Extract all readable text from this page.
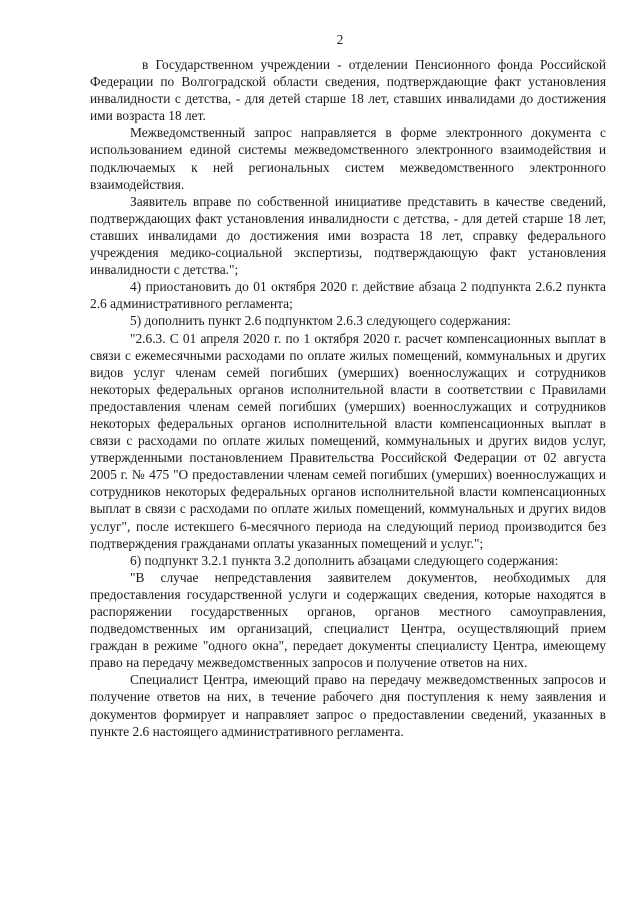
2

в Государственном учреждении - отделении Пенсионного фонда Российской Федерации по Волгоградской области сведения, подтверждающие факт установления инвалидности с детства, - для детей старше 18 лет, ставших инвалидами до достижения ими возраста 18 лет.

Межведомственный запрос направляется в форме электронного документа с использованием единой системы межведомственного электронного взаимодействия и подключаемых к ней региональных систем межведомственного электронного взаимодействия.

Заявитель вправе по собственной инициативе представить в качестве сведений, подтверждающих факт установления инвалидности с детства, - для детей старше 18 лет, ставших инвалидами до достижения ими возраста 18 лет, справку федерального учреждения медико-социальной экспертизы, подтверждающую факт установления инвалидности с детства.";

4) приостановить до 01 октября 2020 г. действие абзаца 2 подпункта 2.6.2 пункта 2.6 административного регламента;

5) дополнить пункт 2.6 подпунктом 2.6.3 следующего содержания:

"2.6.3. С 01 апреля 2020 г. по 1 октября 2020 г. расчет компенсационных выплат в связи с ежемесячными расходами по оплате жилых помещений, коммунальных и других видов услуг членам семей погибших (умерших) военнослужащих и сотрудников некоторых федеральных органов исполнительной власти в соответствии с Правилами предоставления членам семей погибших (умерших) военнослужащих и сотрудников некоторых федеральных органов исполнительной власти компенсационных выплат в связи с расходами по оплате жилых помещений, коммунальных и других видов услуг, утвержденными постановлением Правительства Российской Федерации от 02 августа 2005 г. № 475 "О предоставлении членам семей погибших (умерших) военнослужащих и сотрудников некоторых федеральных органов исполнительной власти компенсационных выплат в связи с расходами по оплате жилых помещений, коммунальных и других видов услуг", после истекшего 6-месячного периода на следующий период производится без подтверждения гражданами оплаты указанных помещений и услуг.";

6) подпункт 3.2.1 пункта 3.2 дополнить абзацами следующего содержания:

"В случае непредставления заявителем документов, необходимых для предоставления государственной услуги и содержащих сведения, которые находятся в распоряжении государственных органов, органов местного самоуправления, подведомственных им организаций, специалист Центра, осуществляющий прием граждан в режиме "одного окна", передает документы специалисту Центра, имеющему право на передачу межведомственных запросов и получение ответов на них.

Специалист Центра, имеющий право на передачу межведомственных запросов и получение ответов на них, в течение рабочего дня поступления к нему заявления и документов формирует и направляет запрос о предоставлении сведений, указанных в пункте 2.6 настоящего административного регламента.
